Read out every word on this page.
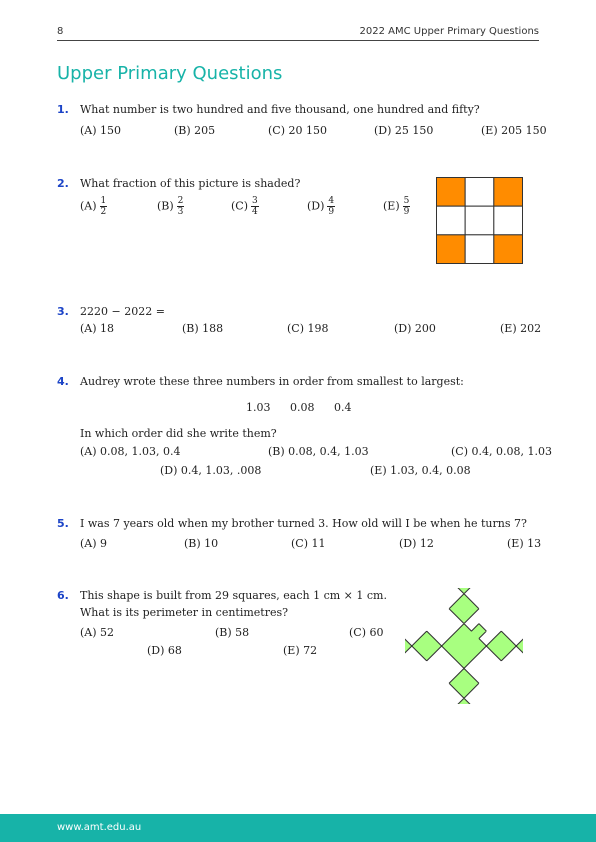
8	2022 AMC Upper Primary Questions
Upper Primary Questions
1. What number is two hundred and five thousand, one hundred and fifty?
(A) 150	(B) 205	(C) 20 150	(D) 25 150	(E) 205 150
2. What fraction of this picture is shaded?
$(A) \frac{1}{2}$	$(B) \frac{2}{3}$	$(C) \frac{3}{4}$	$(D) \frac{4}{9}$	$(E) \frac{5}{9}$
3. 2220 − 2022 =
(A) 18	(B) 188	(C) 198	(D) 200	(E) 202
4. Audrey wrote these three numbers in order from smallest to largest:
1.03 0.08 0.4
In which order did she write them?
(A) 0.08, 1.03, 0.4	(B) 0.08, 0.4, 1.03	(C) 0.4, 0.08, 1.03
(D) 0.4, 1.03, .008	(E) 1.03, 0.4, 0.08
5. I was 7 years old when my brother turned 3. How old will I be when he turns 7?
(A) 9	(B) 10	(C) 11	(D) 12	(E) 13
6. This shape is built from 29 squares, each 1 cm × 1 cm.
What is its perimeter in centimetres?
(A) 52	(B) 58	(C) 60
(D) 68	(E) 72
www.amt.edu.au
